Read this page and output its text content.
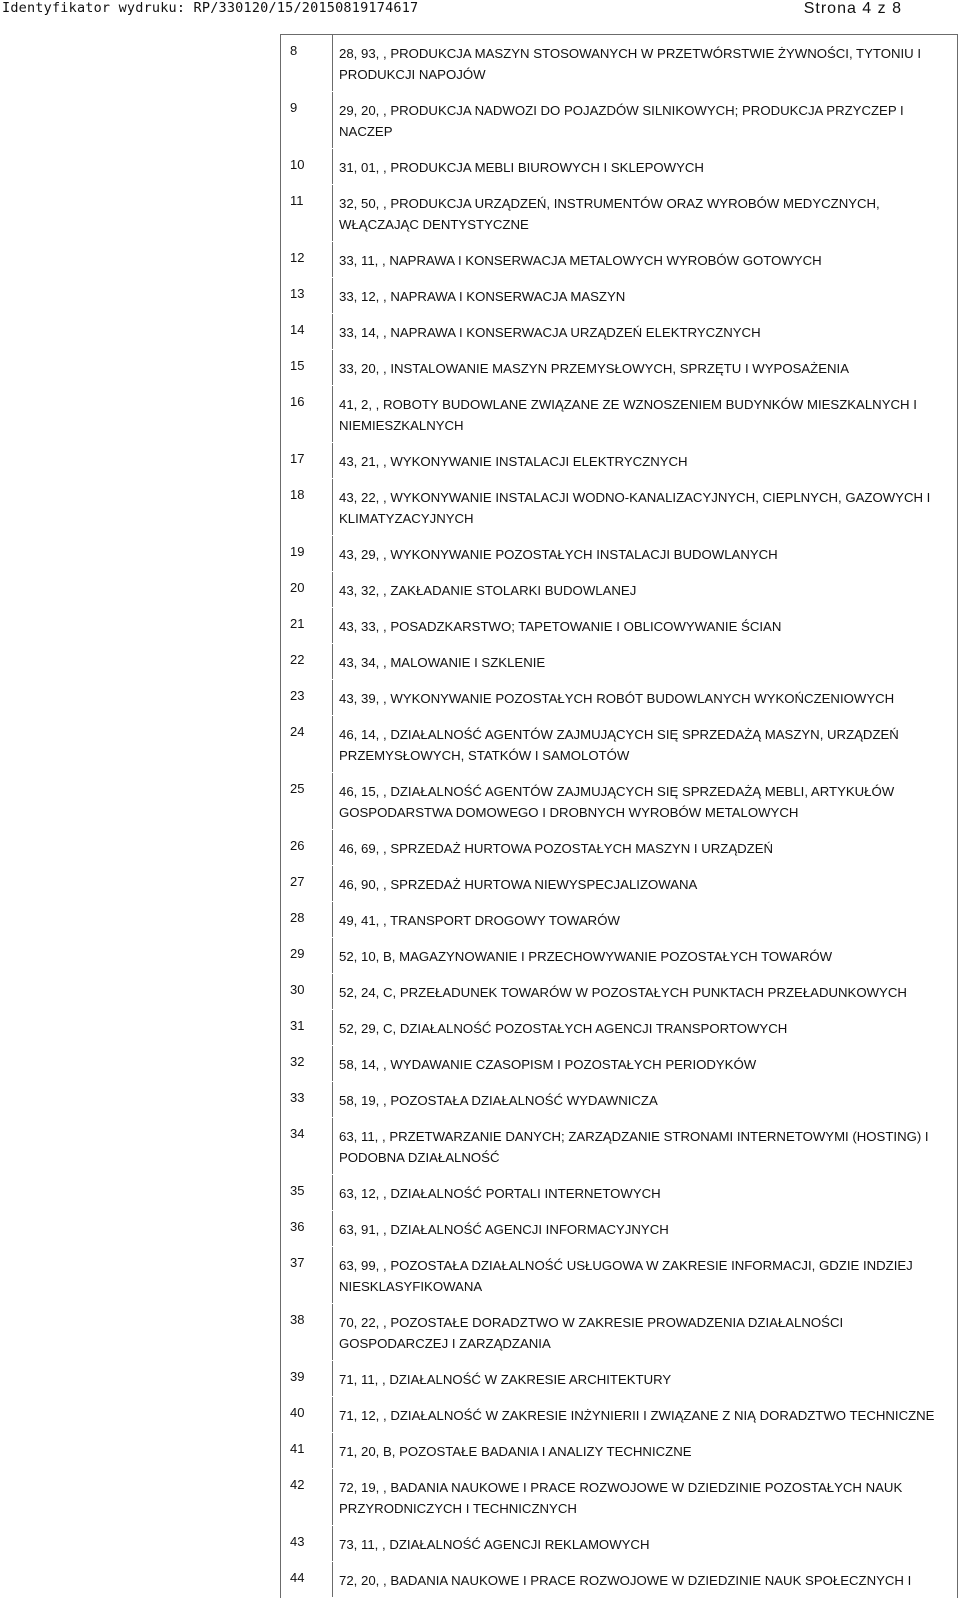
Identyfikator wydruku: RP/330120/15/20150819174617	Strona 4 z 8
8	28, 93, , PRODUKCJA MASZYN STOSOWANYCH W PRZETWÓRSTWIE ŻYWNOŚCI, TYTONIU I PRODUKCJI NAPOJÓW
9	29, 20, , PRODUKCJA NADWOZI DO POJAZDÓW SILNIKOWYCH; PRODUKCJA PRZYCZEP I NACZEP
10	31, 01, , PRODUKCJA MEBLI BIUROWYCH I SKLEPOWYCH
11	32, 50, , PRODUKCJA URZĄDZEŃ, INSTRUMENTÓW ORAZ WYROBÓW MEDYCZNYCH, WŁĄCZAJĄC DENTYSTYCZNE
12	33, 11, , NAPRAWA I KONSERWACJA METALOWYCH WYROBÓW GOTOWYCH
13	33, 12, , NAPRAWA I KONSERWACJA MASZYN
14	33, 14, , NAPRAWA I KONSERWACJA URZĄDZEŃ ELEKTRYCZNYCH
15	33, 20, , INSTALOWANIE MASZYN PRZEMYSŁOWYCH, SPRZĘTU I WYPOSAŻENIA
16	41, 2, , ROBOTY BUDOWLANE ZWIĄZANE ZE WZNOSZENIEM BUDYNKÓW MIESZKALNYCH I NIEMIESZKALNYCH
17	43, 21, , WYKONYWANIE INSTALACJI ELEKTRYCZNYCH
18	43, 22, , WYKONYWANIE INSTALACJI WODNO-KANALIZACYJNYCH, CIEPLNYCH, GAZOWYCH I KLIMATYZACYJNYCH
19	43, 29, , WYKONYWANIE POZOSTAŁYCH INSTALACJI BUDOWLANYCH
20	43, 32, , ZAKŁADANIE STOLARKI BUDOWLANEJ
21	43, 33, , POSADZKARSTWO; TAPETOWANIE I OBLICOWYWANIE ŚCIAN
22	43, 34, , MALOWANIE I SZKLENIE
23	43, 39, , WYKONYWANIE POZOSTAŁYCH ROBÓT BUDOWLANYCH WYKOŃCZENIOWYCH
24	46, 14, , DZIAŁALNOŚĆ AGENTÓW ZAJMUJĄCYCH SIĘ SPRZEDAŻĄ MASZYN, URZĄDZEŃ PRZEMYSŁOWYCH, STATKÓW I SAMOLOTÓW
25	46, 15, , DZIAŁALNOŚĆ AGENTÓW ZAJMUJĄCYCH SIĘ SPRZEDAŻĄ MEBLI, ARTYKUŁÓW GOSPODARSTWA DOMOWEGO I DROBNYCH WYROBÓW METALOWYCH
26	46, 69, , SPRZEDAŻ HURTOWA POZOSTAŁYCH MASZYN I URZĄDZEŃ
27	46, 90, , SPRZEDAŻ HURTOWA NIEWYSPECJALIZOWANA
28	49, 41, , TRANSPORT DROGOWY TOWARÓW
29	52, 10, B, MAGAZYNOWANIE I PRZECHOWYWANIE POZOSTAŁYCH TOWARÓW
30	52, 24, C, PRZEŁADUNEK TOWARÓW W POZOSTAŁYCH PUNKTACH PRZEŁADUNKOWYCH
31	52, 29, C, DZIAŁALNOŚĆ POZOSTAŁYCH AGENCJI TRANSPORTOWYCH
32	58, 14, , WYDAWANIE CZASOPISM I POZOSTAŁYCH PERIODYKÓW
33	58, 19, , POZOSTAŁA DZIAŁALNOŚĆ WYDAWNICZA
34	63, 11, , PRZETWARZANIE DANYCH; ZARZĄDZANIE STRONAMI INTERNETOWYMI (HOSTING) I PODOBNA DZIAŁALNOŚĆ
35	63, 12, , DZIAŁALNOŚĆ PORTALI INTERNETOWYCH
36	63, 91, , DZIAŁALNOŚĆ AGENCJI INFORMACYJNYCH
37	63, 99, , POZOSTAŁA DZIAŁALNOŚĆ USŁUGOWA W ZAKRESIE INFORMACJI, GDZIE INDZIEJ NIESKLASYFIKOWANA
38	70, 22, , POZOSTAŁE DORADZTWO W ZAKRESIE PROWADZENIA DZIAŁALNOŚCI GOSPODARCZEJ I ZARZĄDZANIA
39	71, 11, , DZIAŁALNOŚĆ W ZAKRESIE ARCHITEKTURY
40	71, 12, , DZIAŁALNOŚĆ W ZAKRESIE INŻYNIERII I ZWIĄZANE Z NIĄ DORADZTWO TECHNICZNE
41	71, 20, B, POZOSTAŁE BADANIA I ANALIZY TECHNICZNE
42	72, 19, , BADANIA NAUKOWE I PRACE ROZWOJOWE W DZIEDZINIE POZOSTAŁYCH NAUK PRZYRODNICZYCH I TECHNICZNYCH
43	73, 11, , DZIAŁALNOŚĆ AGENCJI REKLAMOWYCH
44	72, 20, , BADANIA NAUKOWE I PRACE ROZWOJOWE W DZIEDZINIE NAUK SPOŁECZNYCH I
